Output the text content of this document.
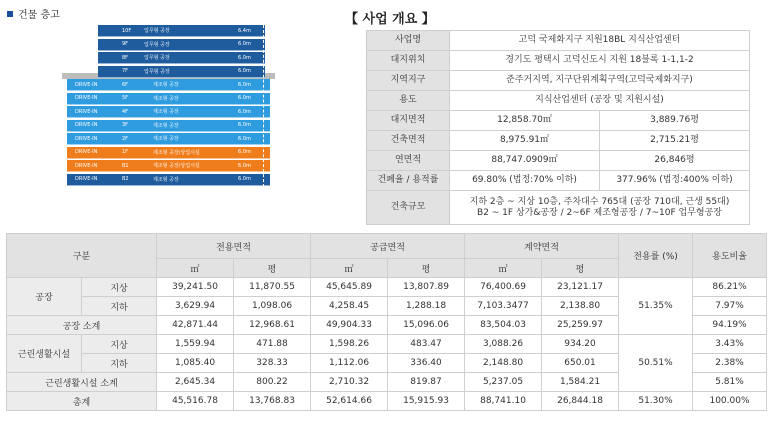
건물 층고
10F	업무형 공장	6.4m
9F	업무형 공장	6.0m
8F	업무형 공장	6.0m
7F	업무형 공장	6.0m
DRIVE-IN	6F	제조형 공장	6.0m
DRIVE-IN	5F	제조형 공장	6.0m
DRIVE-IN	4F	제조형 공장	6.0m
DRIVE-IN	3F	제조형 공장	6.0m
DRIVE-IN	2F	제조형 공장	6.0m
DRIVE-IN	1F	제조형 공장/상업시설	6.0m
DRIVE-IN	B1	제조형 공장/상업시설	6.0m
DRIVE-IN	B2	제조형 공장	6.0m
【 사업 개요 】
사업명	고덕 국제화지구 지원18BL 지식산업센터	
대지위치	경기도 평택시 고덕신도시 지원 18블록 1-1,1-2	
지역지구	준주거지역, 지구단위계획구역(고덕국제화지구)	
용도	지식산업센터 (공장 및 지원시설)	
대지면적	12,858.70㎡	3,889.76평
건축면적	8,975.91㎡	2,715.21평
연면적	88,747.0909㎡	26,846평
건폐율 / 용적률	69.80% (법정:70% 이하)	377.96% (법정:400% 이하)
건축규모	지하 2층 ~ 지상 10층, 주차대수 765대 (공장 710대, 근생 55대)
B2 ~ 1F 상가&공장 / 2~6F 제조형공장 / 7~10F 업무형공장	
구분		전용면적		공급면적		계약면적		전용률 (%)	용도비율
		㎡	평	㎡	평	㎡	평		
공장	지상	39,241.50	11,870.55	45,645.89	13,807.89	76,400.69	23,121.17	51.35%	86.21%
	지하	3,629.94	1,098.06	4,258.45	1,288.18	7,103.3477	2,138.80		7.97%
공장 소계		42,871.44	12,968.61	49,904.33	15,096.06	83,504.03	25,259.97		94.19%
근린생활시설	지상	1,559.94	471.88	1,598.26	483.47	3,088.26	934.20	50.51%	3.43%
	지하	1,085.40	328.33	1,112.06	336.40	2,148.80	650.01		2.38%
근린생활시설 소계		2,645.34	800.22	2,710.32	819.87	5,237.05	1,584.21		5.81%
총계		45,516.78	13,768.83	52,614.66	15,915.93	88,741.10	26,844.18	51.30%	100.00%
